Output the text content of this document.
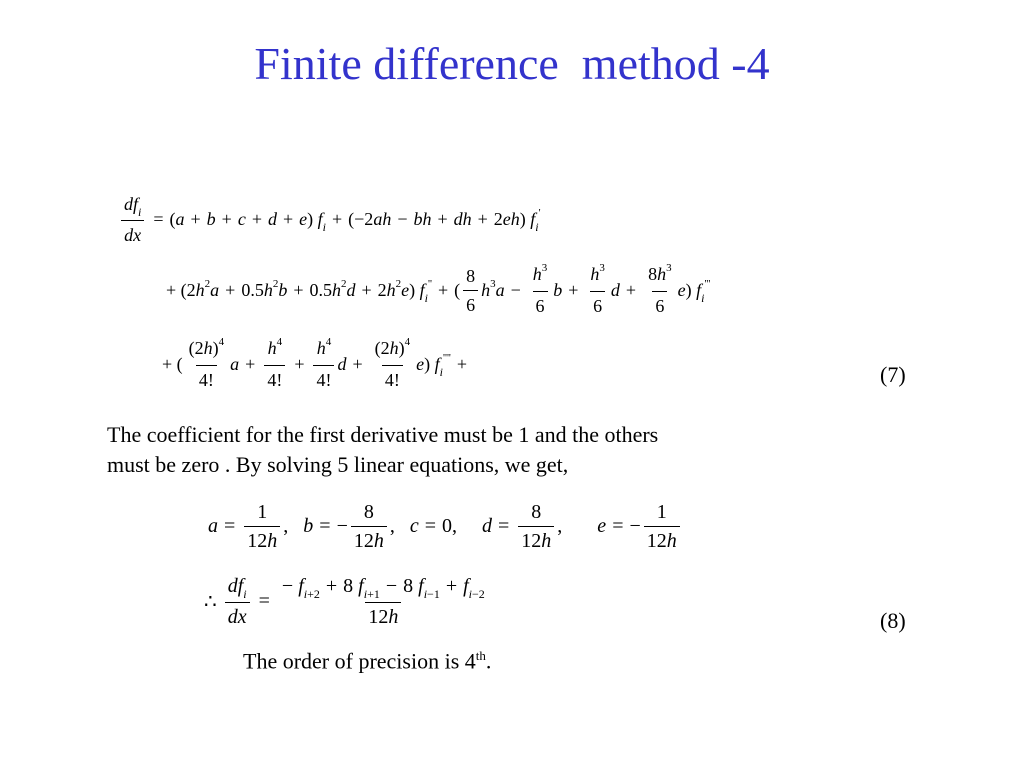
Finite difference  method -4
$\frac{df_i}{dx} = (a + b + c + d + e) f_i + (-2ah$ − bh + dh + 2eh) $f_i'$
+ $(2h^2a + 0.5h^2b + 0.5h^2d + 2h^2e) f_i''$ + ( $\frac{8}{6} h^3a - \frac{h^3}{6}$ $b + \frac{h^3}{6}$ $d + \frac{8h^3}{6} e$) $f_i'''$
+ ( $\frac{(2h)^4}{4!}$ $a + \frac{h^4}{4!} + \frac{h^4}{4!}$ $d + \frac{(2h)^4}{4!} e$) $f_i''''$ +	(7)
The coefficient for the first derivative must be 1 and the others
must be zero . By solving 5 linear equations, we get,
$a = \frac{1}{12h}$ ,   b = − $\frac{8}{12h}$ ,   c = 0,     $d = \frac{8}{12h}$ ,       e = − $\frac{1}{12h}$
∴ $\frac{df_i}{dx} = \frac{- f_{i+2} + 8 f_{i+1} - 8 f_{i-1} + f_{i-2}}{12h}$	(8)
The order of precision is 4th.
